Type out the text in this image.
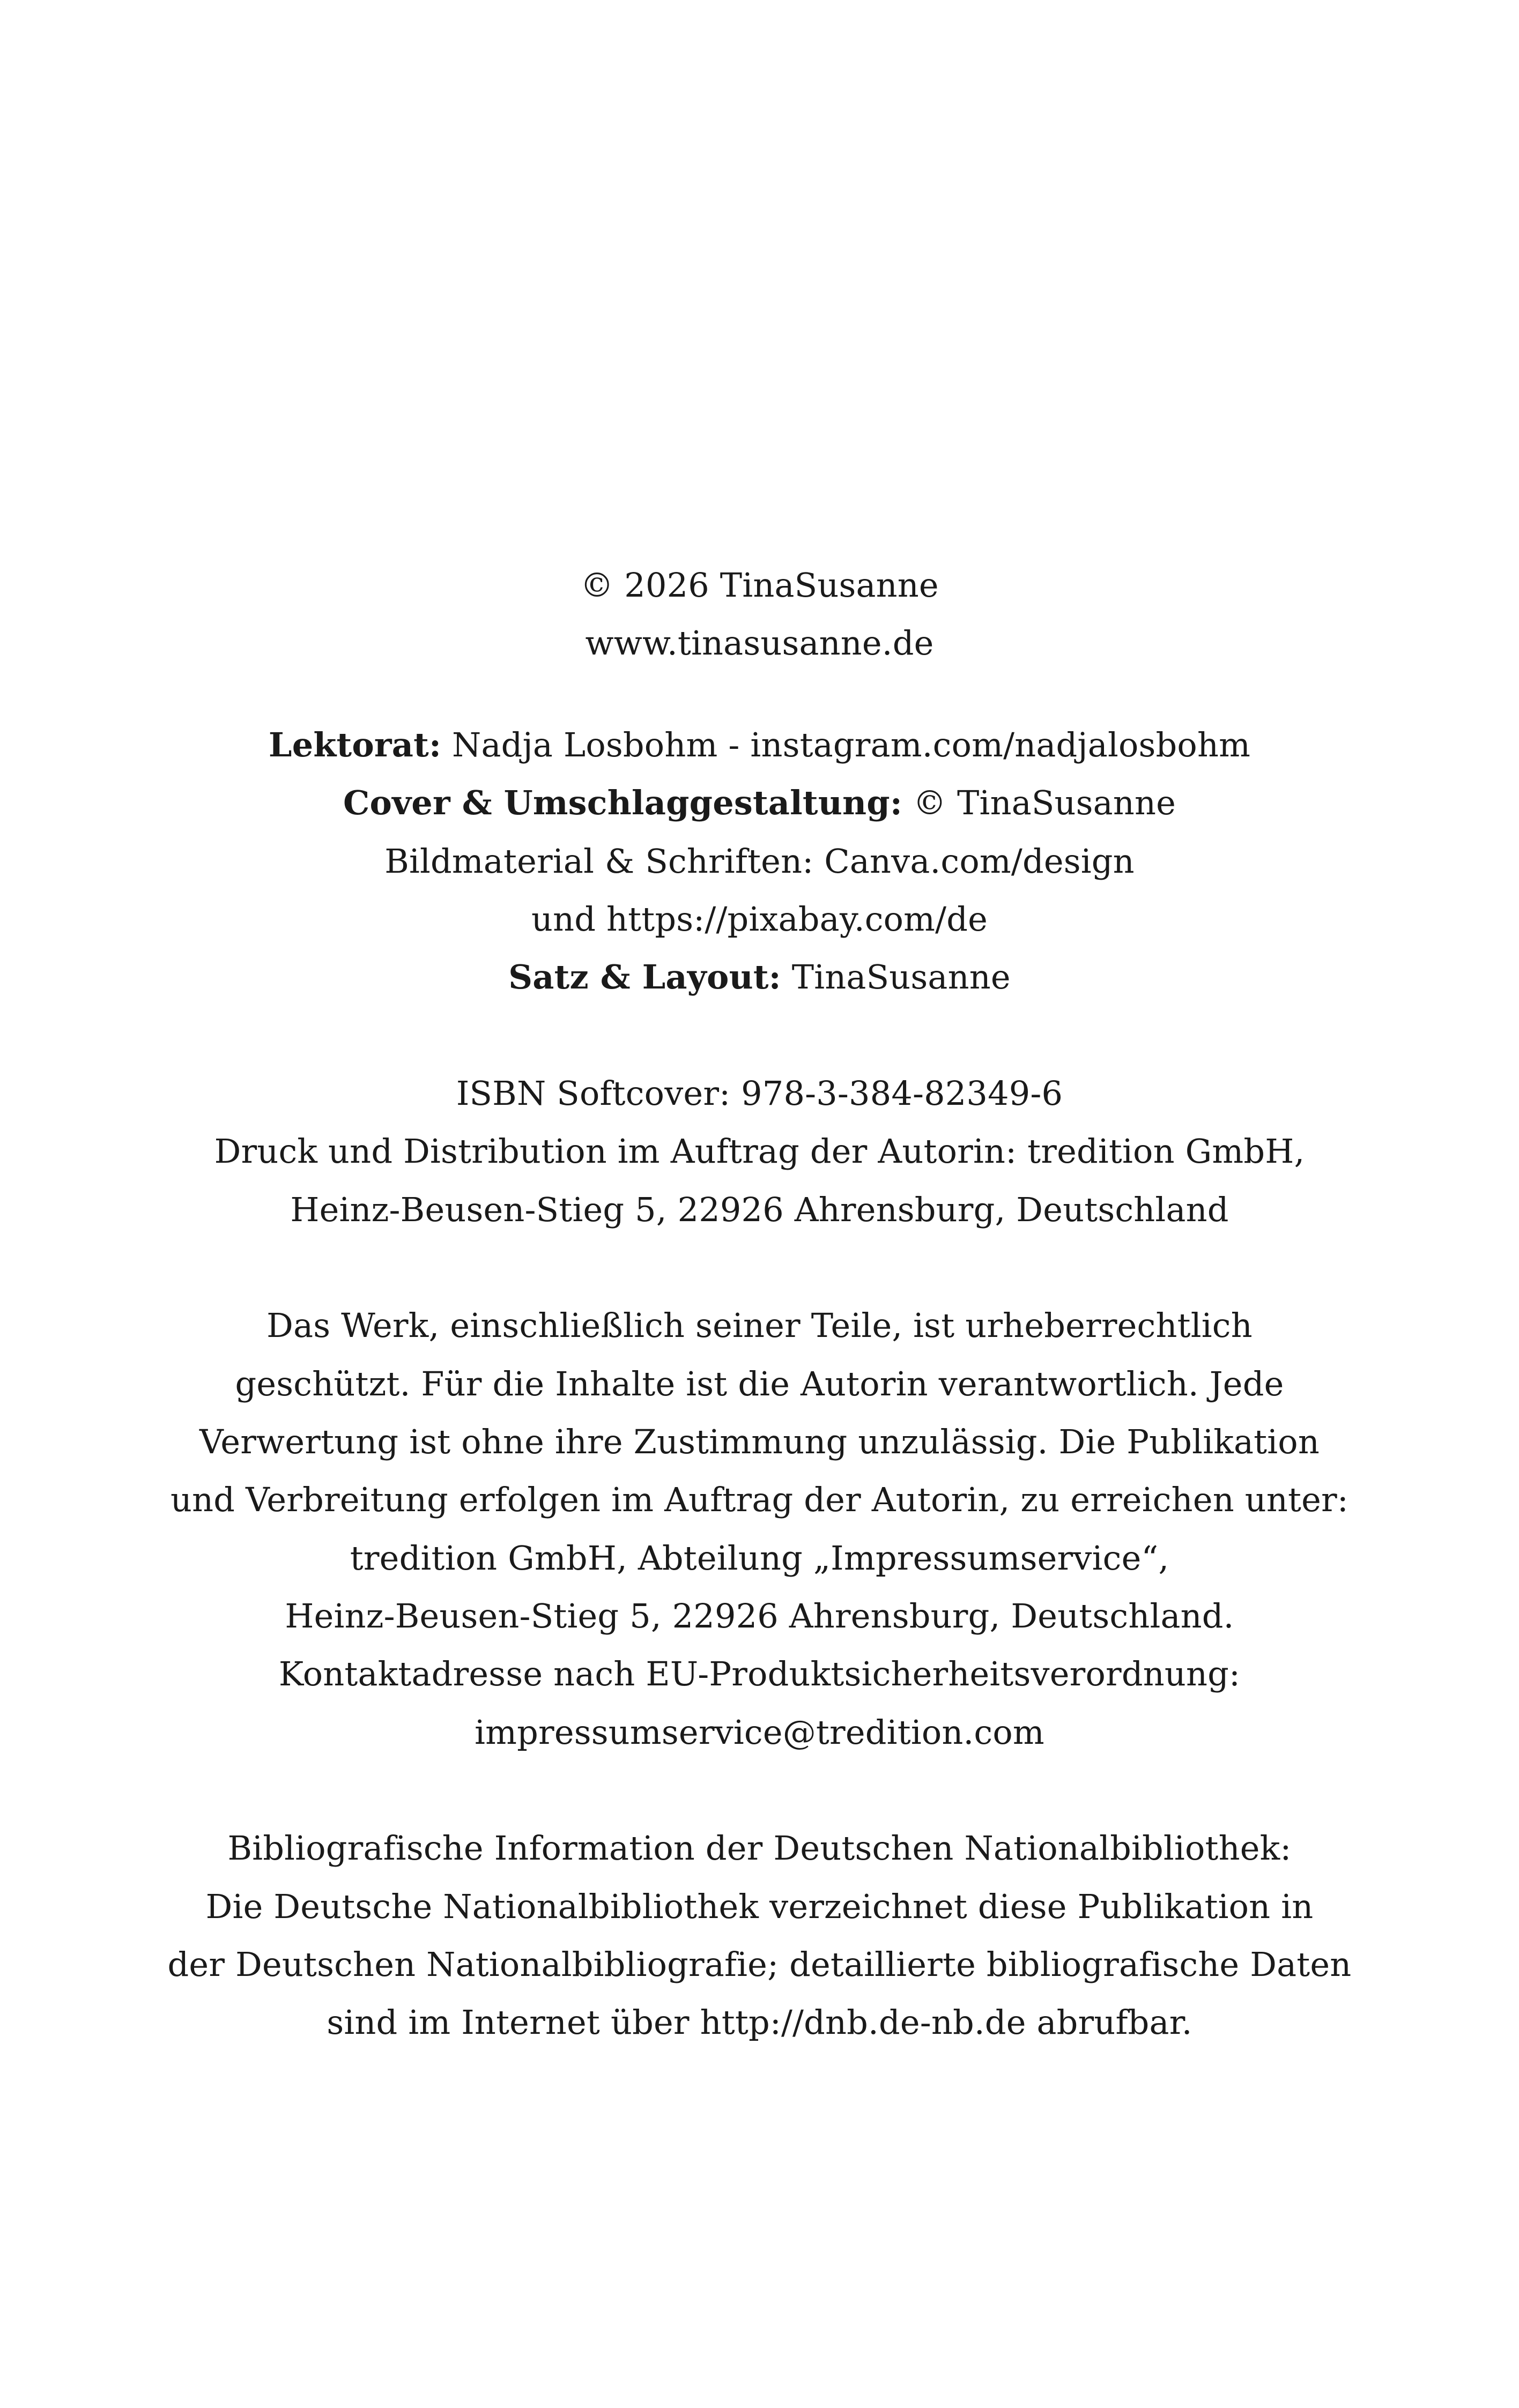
© 2026 TinaSusanne
www.tinasusanne.de
Lektorat: Nadja Losbohm - instagram.com/nadjalosbohm
Cover & Umschlaggestaltung: © TinaSusanne
Bildmaterial & Schriften: Canva.com/design
und https://pixabay.com/de
Satz & Layout: TinaSusanne
ISBN Softcover: 978-3-384-82349-6
Druck und Distribution im Auftrag der Autorin: tredition GmbH,
Heinz-Beusen-Stieg 5, 22926 Ahrensburg, Deutschland
Das Werk, einschließlich seiner Teile, ist urheberrechtlich
geschützt. Für die Inhalte ist die Autorin verantwortlich. Jede
Verwertung ist ohne ihre Zustimmung unzulässig. Die Publikation
und Verbreitung erfolgen im Auftrag der Autorin, zu erreichen unter:
tredition GmbH, Abteilung „Impressumservice“,
Heinz-Beusen-Stieg 5, 22926 Ahrensburg, Deutschland.
Kontaktadresse nach EU-Produktsicherheitsverordnung:
impressumservice@tredition.com
Bibliografische Information der Deutschen Nationalbibliothek:
Die Deutsche Nationalbibliothek verzeichnet diese Publikation in
der Deutschen Nationalbibliografie; detaillierte bibliografische Daten
sind im Internet über http://dnb.de-nb.de abrufbar.
